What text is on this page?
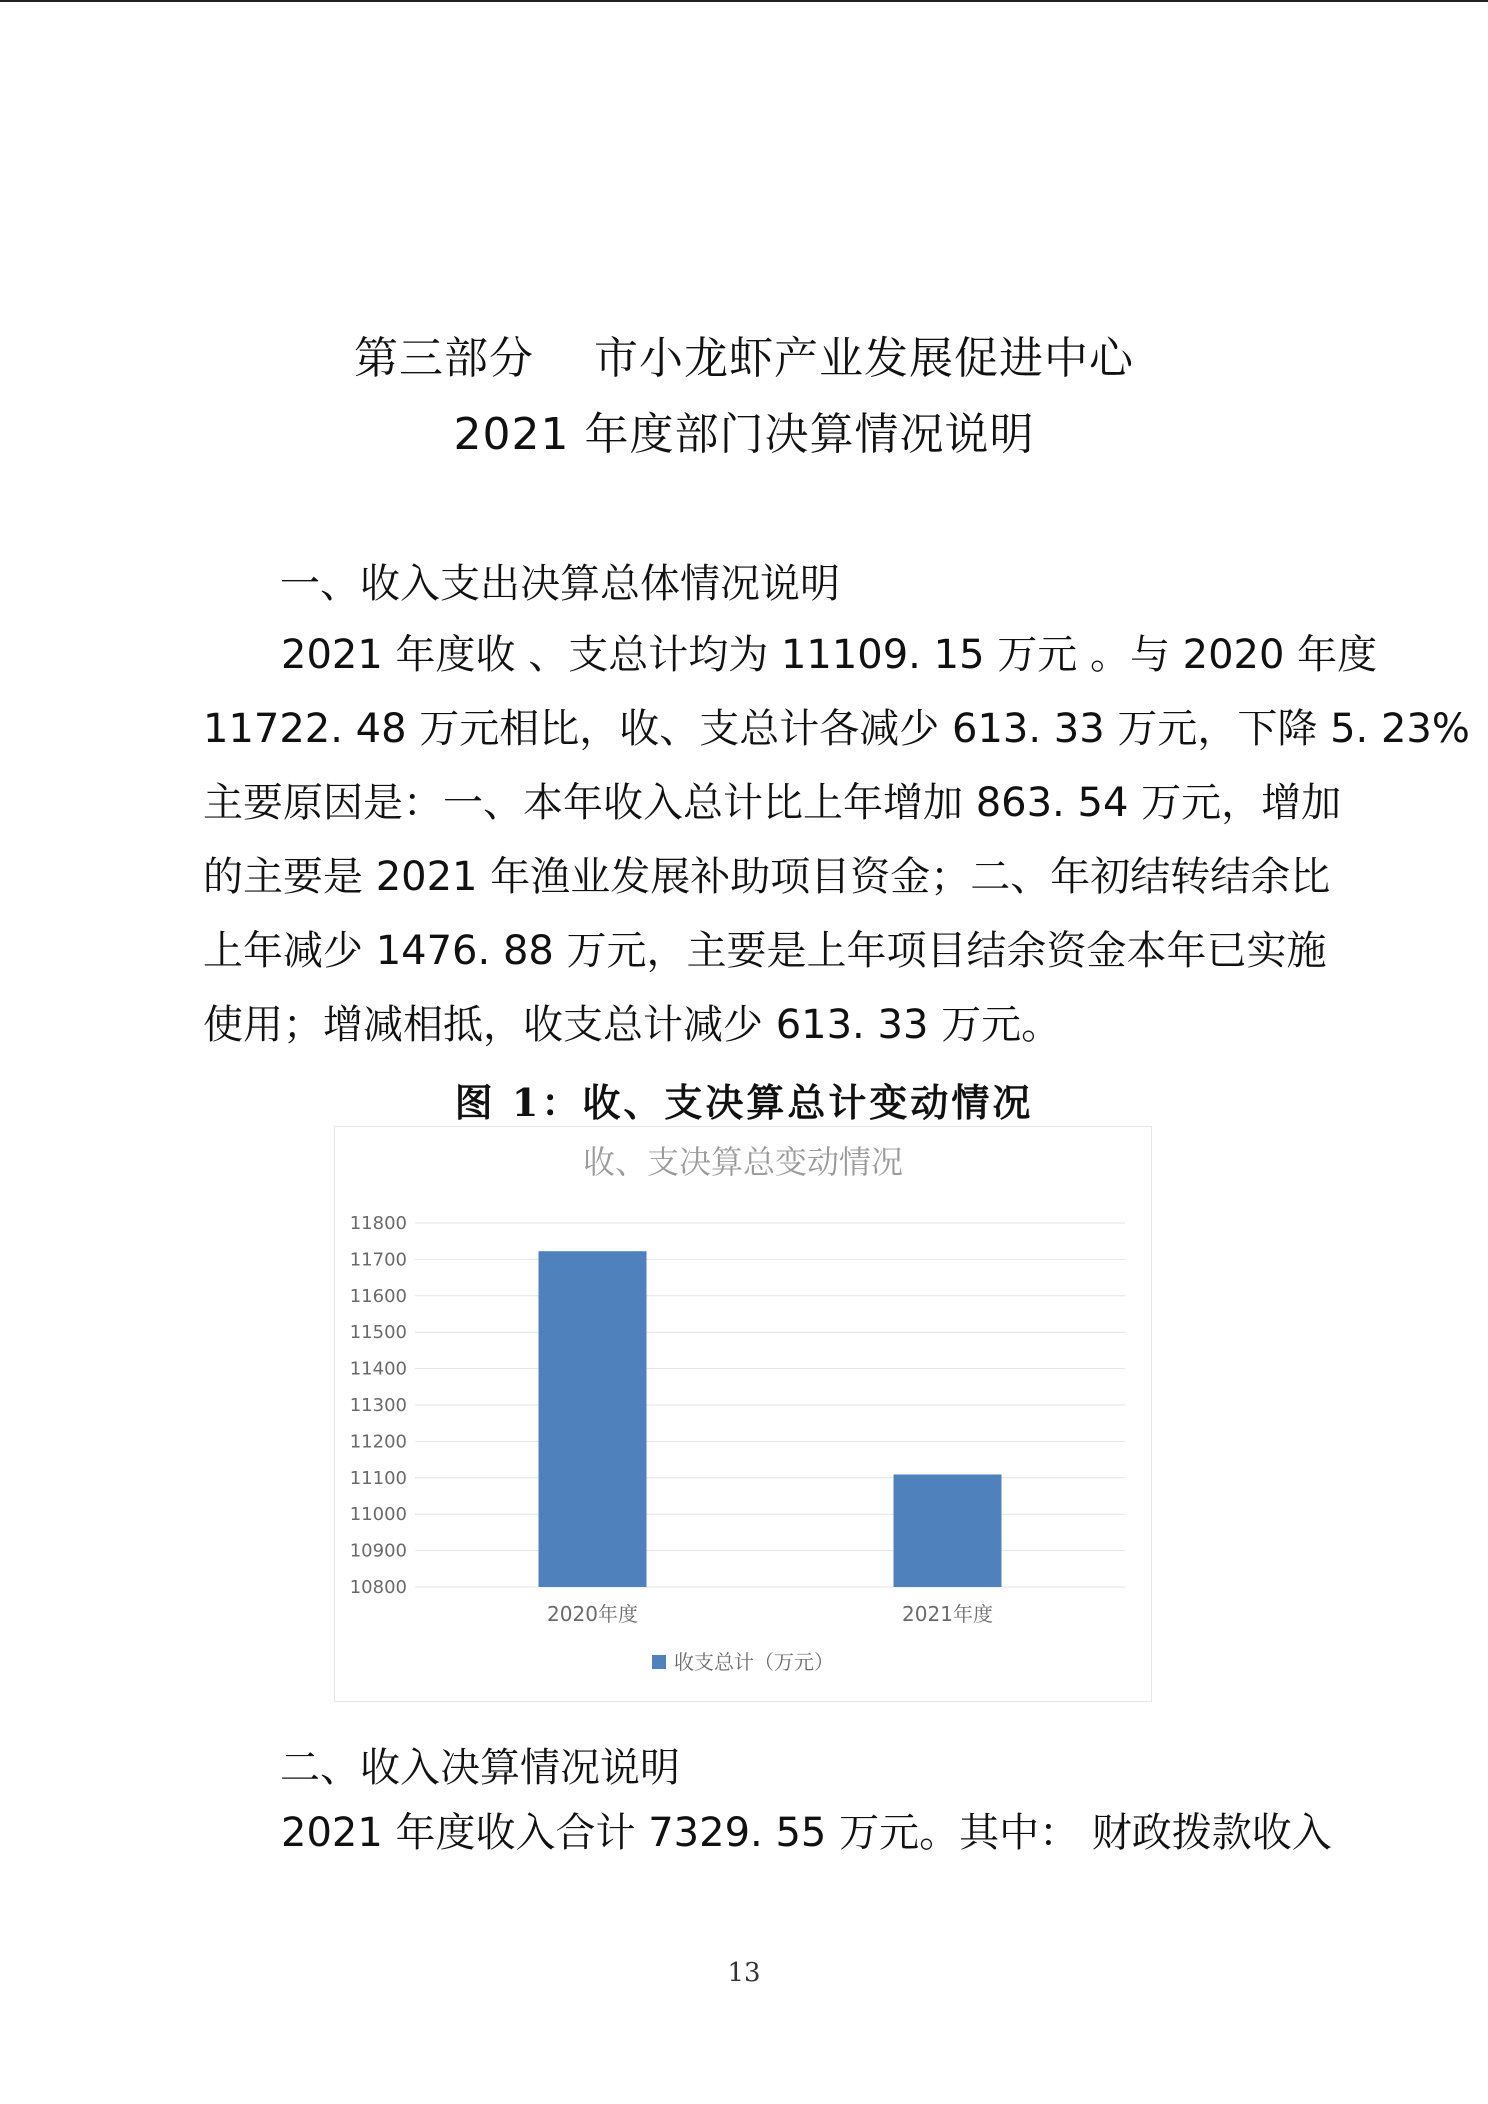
第三部分　 市小龙虾产业发展促进中心
2021 年度部门决算情况说明
一、收入支出决算总体情况说明
2021 年度收 、支总计均为 11109. 15 万元 。与 2020 年度
11722. 48 万元相比，收、支总计各减少 613. 33 万元，下降 5. 23%
主要原因是：一、本年收入总计比上年增加 863. 54 万元，增加
的主要是 2021 年渔业发展补助项目资金；二、年初结转结余比
上年减少 1476. 88 万元，主要是上年项目结余资金本年已实施
使用；增减相抵，收支总计减少 613. 33 万元。
图 1：收、支决算总计变动情况
收、支决算总变动情况
11800
11700
11600
11500
11400
11300
11200
11100
11000
10900
10800
2020年度	2021年度
收支总计（万元）
二、收入决算情况说明
2021 年度收入合计 7329. 55 万元。其中： 财政拨款收入
13
